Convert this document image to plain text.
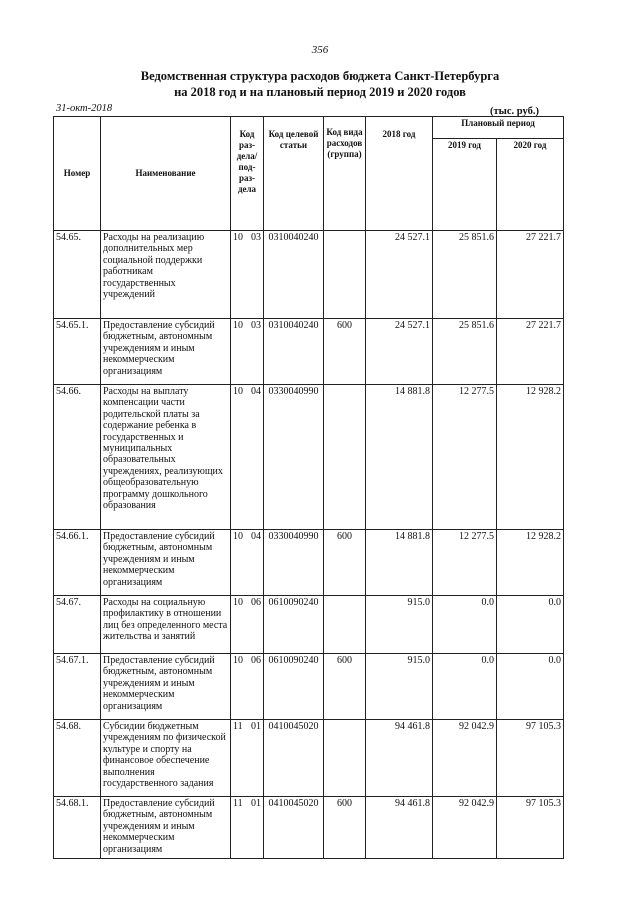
356
Ведомственная структура расходов бюджета Санкт-Петербурга
на 2018 год и на плановый период 2019 и 2020 годов
31-окт-2018	(тыс. руб.)
Номер	Наименование	Код раз- дела/ под- раз- дела	Код целевой статьи	Код вида расходов (группа)	2018 год	Плановый период	
						2019 год	2020 год
54.65.	Расходы на реализацию дополнительных мер социальной поддержки работникам государственных учреждений	10 03	0310040240		24 527.1	25 851.6	27 221.7
54.65.1.	Предоставление субсидий бюджетным, автономным учреждениям и иным некоммерческим организациям	10 03	0310040240	600	24 527.1	25 851.6	27 221.7
54.66.	Расходы на выплату компенсации части родительской платы за содержание ребенка в государственных и муниципальных образовательных учреждениях, реализующих общеобразовательную программу дошкольного образования	10 04	0330040990		14 881.8	12 277.5	12 928.2
54.66.1.	Предоставление субсидий бюджетным, автономным учреждениям и иным некоммерческим организациям	10 04	0330040990	600	14 881.8	12 277.5	12 928.2
54.67.	Расходы на социальную профилактику в отношении лиц без определенного места жительства и занятий	10 06	0610090240		915.0	0.0	0.0
54.67.1.	Предоставление субсидий бюджетным, автономным учреждениям и иным некоммерческим организациям	10 06	0610090240	600	915.0	0.0	0.0
54.68.	Субсидии бюджетным учреждениям по физической культуре и спорту на финансовое обеспечение выполнения государственного задания	11 01	0410045020		94 461.8	92 042.9	97 105.3
54.68.1.	Предоставление субсидий бюджетным, автономным учреждениям и иным некоммерческим организациям	11 01	0410045020	600	94 461.8	92 042.9	97 105.3
